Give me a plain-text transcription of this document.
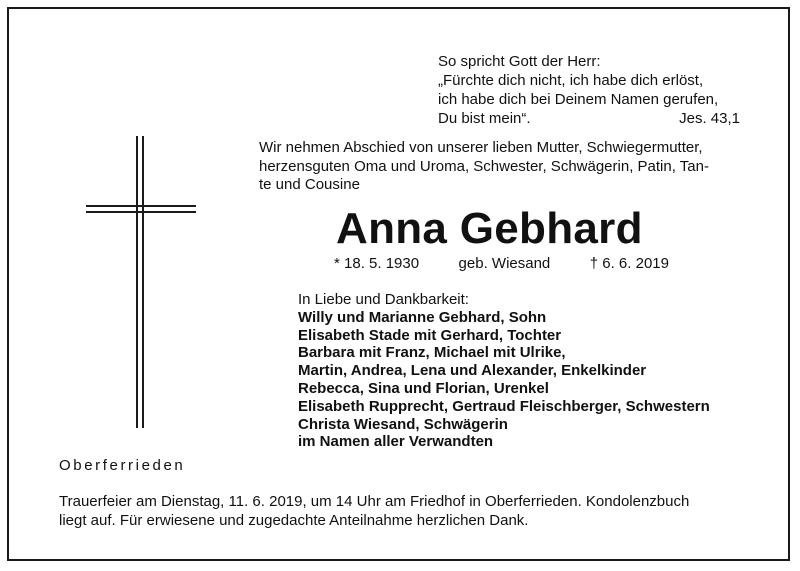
So spricht Gott der Herr:
„Fürchte dich nicht, ich habe dich erlöst,
ich habe dich bei Deinem Namen gerufen,
Du bist mein“.	Jes. 43,1
Wir nehmen Abschied von unserer lieben Mutter, Schwiegermutter,
herzensguten Oma und Uroma, Schwester, Schwägerin, Patin, Tan-
te und Cousine
Anna Gebhard
* 18. 5. 1930	geb. Wiesand	† 6. 6. 2019
In Liebe und Dankbarkeit:
Willy und Marianne Gebhard, Sohn
Elisabeth Stade mit Gerhard, Tochter
Barbara mit Franz, Michael mit Ulrike,
Martin, Andrea, Lena und Alexander, Enkelkinder
Rebecca, Sina und Florian, Urenkel
Elisabeth Rupprecht, Gertraud Fleischberger, Schwestern
Christa Wiesand, Schwägerin
im Namen aller Verwandten
Oberferrieden
Trauerfeier am Dienstag, 11. 6. 2019, um 14 Uhr am Friedhof in Oberferrieden. Kondolenzbuch
liegt auf. Für erwiesene und zugedachte Anteilnahme herzlichen Dank.
